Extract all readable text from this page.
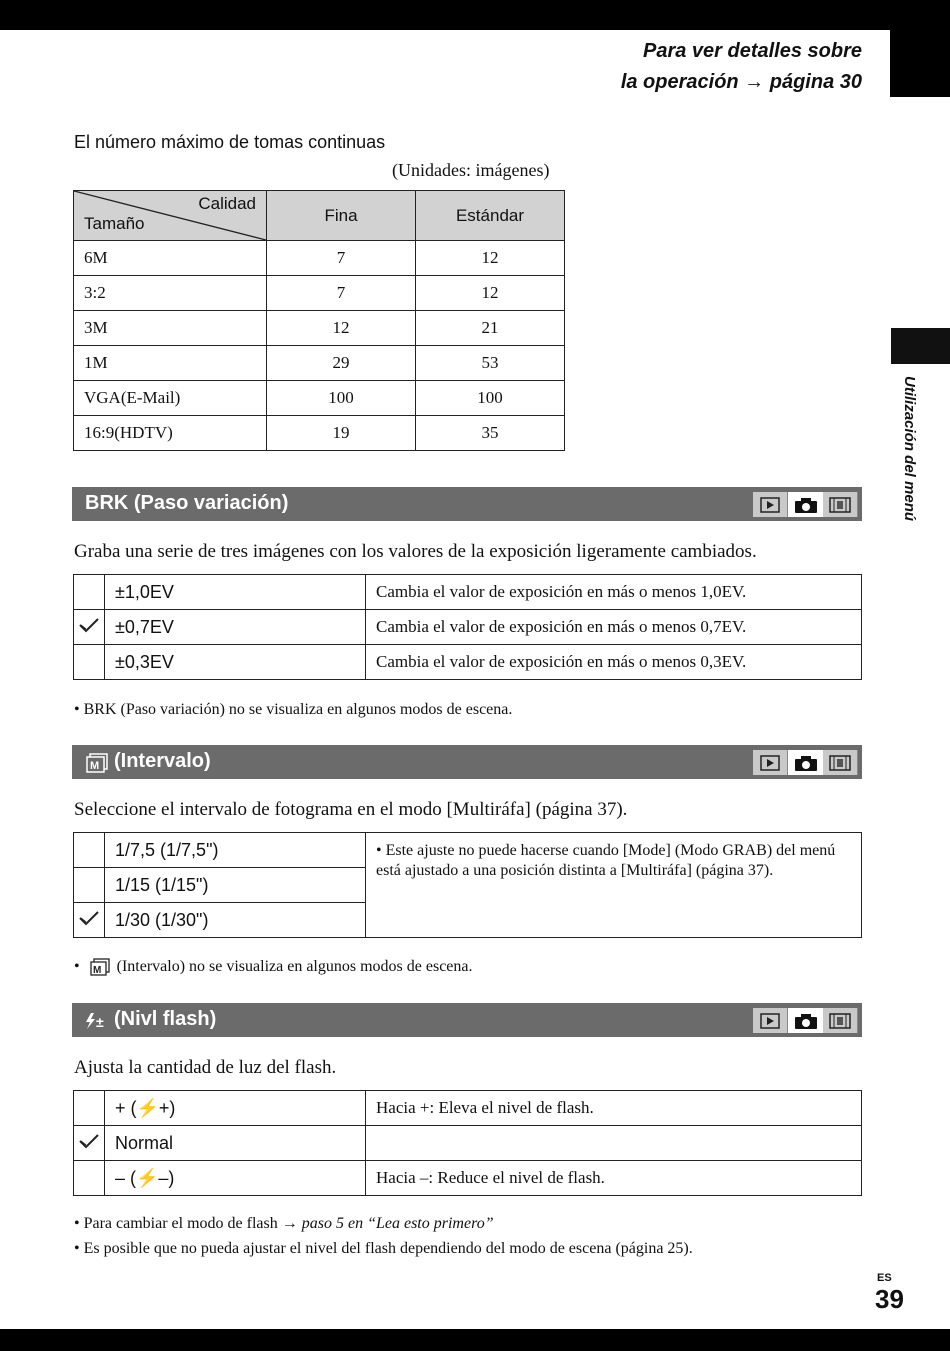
Utilización del menú
Para ver detalles sobre
la operación → página 30
El número máximo de tomas continuas
(Unidades: imágenes)
Calidad
Tamaño	Fina	Estándar
6M	7	12
3:2	7	12
3M	12	21
1M	29	53
VGA(E-Mail)	100	100
16:9(HDTV)	19	35
BRK (Paso variación)
Graba una serie de tres imágenes con los valores de la exposición ligeramente cambiados.
	±1,0EV	Cambia el valor de exposición en más o menos 1,0EV.
	±0,7EV	Cambia el valor de exposición en más o menos 0,7EV.
	±0,3EV	Cambia el valor de exposición en más o menos 0,3EV.
• BRK (Paso variación) no se visualiza en algunos modos de escena.
M (Intervalo)
Seleccione el intervalo de fotograma en el modo [Multiráfa] (página 37).
	1/7,5 (1/7,5")	• Este ajuste no puede hacerse cuando [Mode] (Modo GRAB) del menú está ajustado a una posición distinta a [Multiráfa] (página 37).
	1/15 (1/15")	
	1/30 (1/30")	
• M (Intervalo) no se visualiza en algunos modos de escena.
± (Nivl flash)
Ajusta la cantidad de luz del flash.
	+ (⚡+)	Hacia +: Eleva el nivel de flash.
	Normal	
	– (⚡–)	Hacia –: Reduce el nivel de flash.
• Para cambiar el modo de flash → paso 5 en “Lea esto primero”
• Es posible que no pueda ajustar el nivel del flash dependiendo del modo de escena (página 25).
ES
39
